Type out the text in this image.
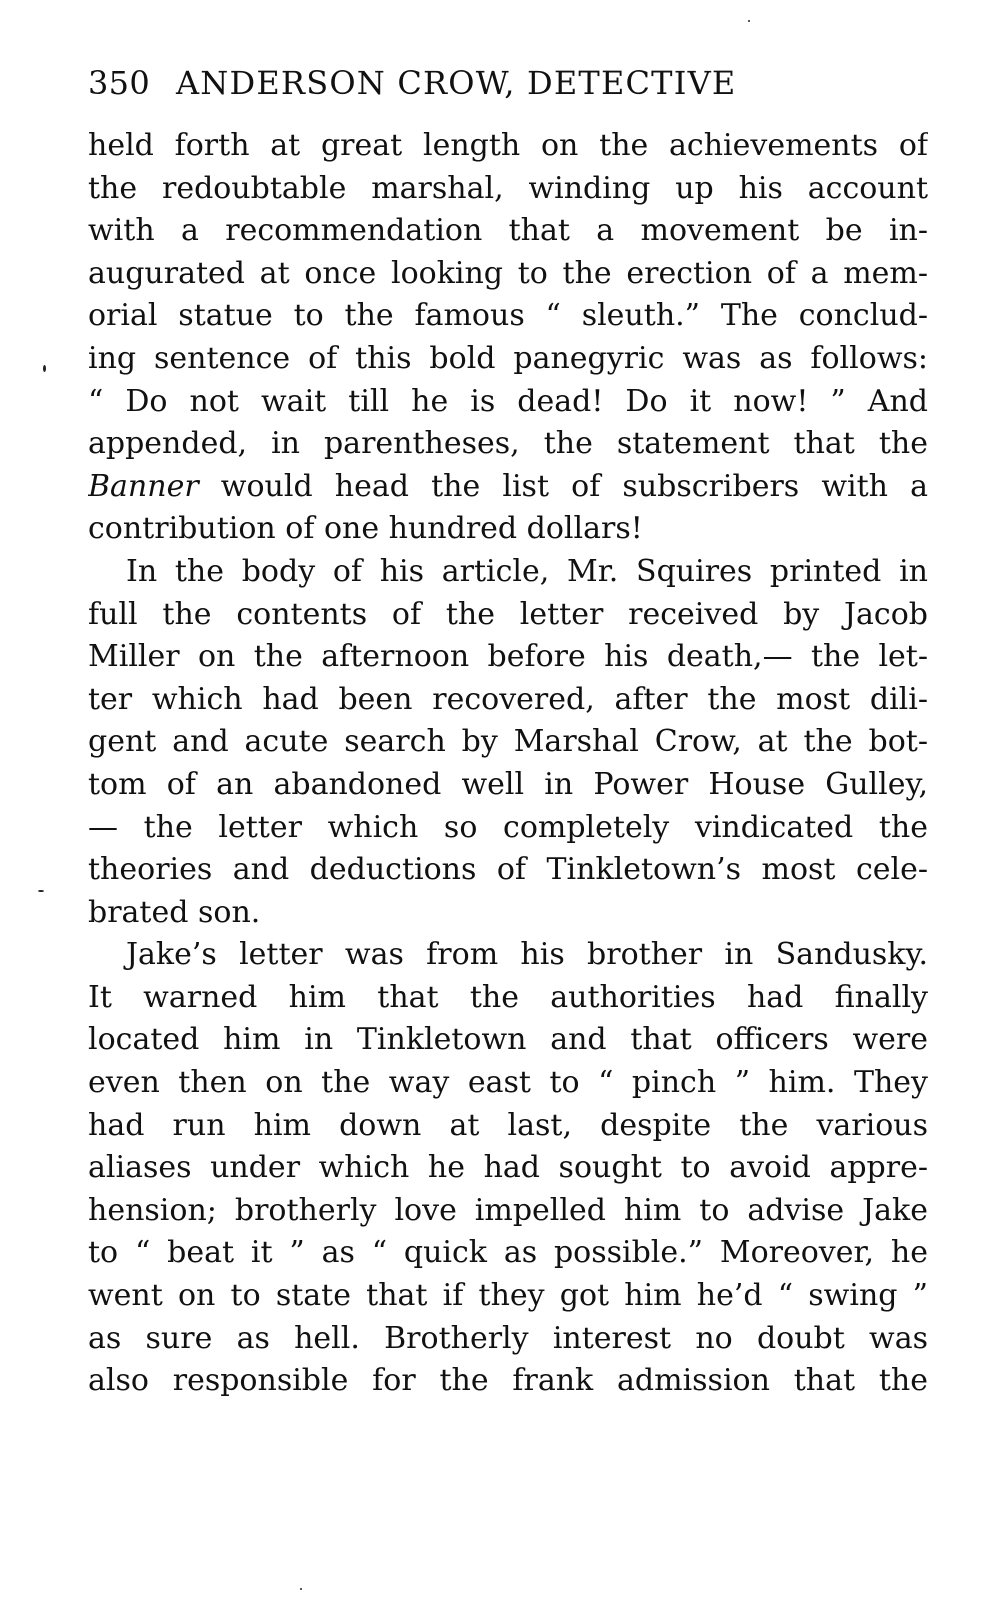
350 ANDERSON CROW, DETECTIVE

held forth at great length on the achievements of
the redoubtable marshal, winding up his account
with a recommendation that a movement be in-
augurated at once looking to the erection of a mem-
orial statue to the famous “ sleuth.” The conclud-
ing sentence of this bold panegyric was as follows:
“ Do not wait till he is dead! Do it now! ” And
appended, in parentheses, the statement that the
Banner would head the list of subscribers with a
contribution of one hundred dollars!

In the body of his article, Mr. Squires printed in
full the contents of the letter received by Jacob
Miller on the afternoon before his death,— the let-
ter which had been recovered, after the most dili-
gent and acute search by Marshal Crow, at the bot-
tom of an abandoned well in Power House Gulley,
— the letter which so completely vindicated the
theories and deductions of Tinkletown’s most cele-
brated son.

Jake’s letter was from his brother in Sandusky.
It warned him that the authorities had finally
located him in Tinkletown and that officers were
even then on the way east to “ pinch ” him. They
had run him down at last, despite the various
aliases under which he had sought to avoid appre-
hension; brotherly love impelled him to advise Jake
to “ beat it ” as “ quick as possible.” Moreover, he
went on to state that if they got him he’d “ swing ”
as sure as hell. Brotherly interest no doubt was
also responsible for the frank admission that the
